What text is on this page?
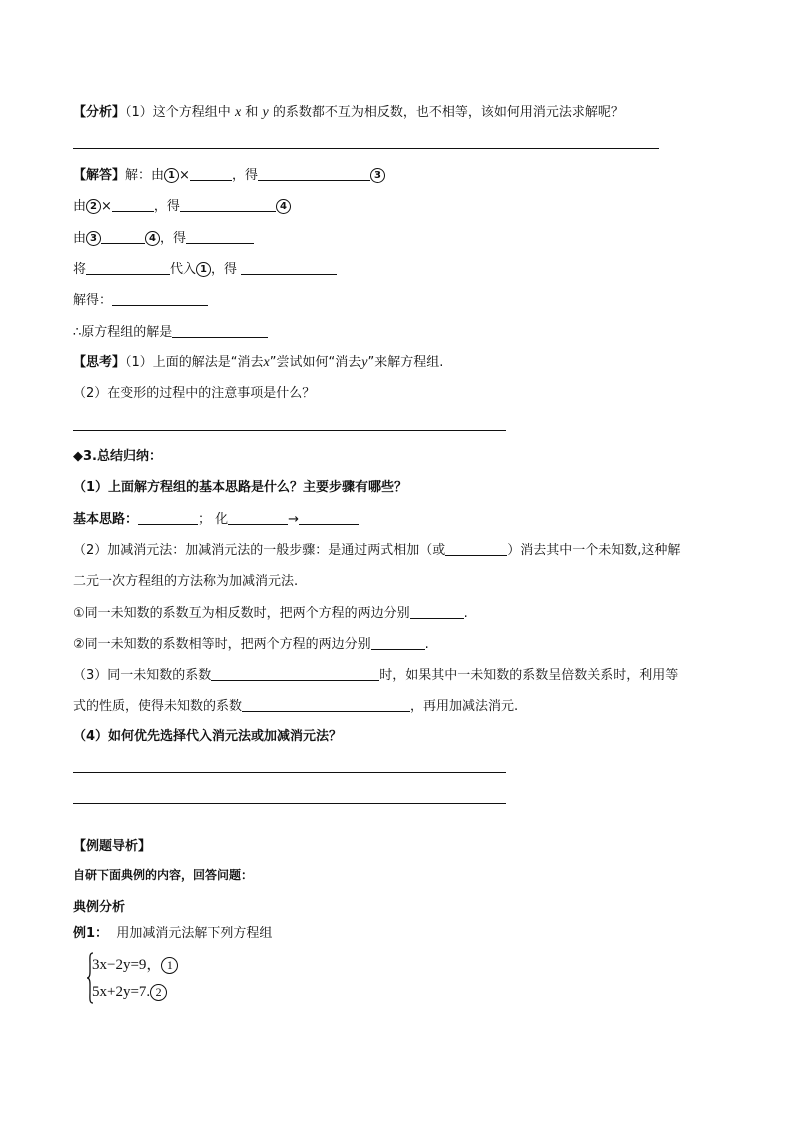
【分析】（1）这个方程组中 x 和 y 的系数都不互为相反数，也不相等，该如何用消元法求解呢？
【解答】解：由 1 ×	，得	3
由 2 ×	，得	4
由 3	4 ，得
将	代入 1 ，得
解得：
∴原方程组的解是
【思考】（1）上面的解法是“消去x”尝试如何“消去y”来解方程组.
（2）在变形的过程中的注意事项是什么？
◆3.总结归纳：
（1）上面解方程组的基本思路是什么？主要步骤有哪些？
基本思路：	； 化	→
（2）加减消元法：加减消元法的一般步骤：是通过两式相加（或	）消去其中一个未知数,这种解
二元一次方程组的方法称为加减消元法.
①同一未知数的系数互为相反数时，把两个方程的两边分别	.
②同一未知数的系数相等时，把两个方程的两边分别	.
（3）同一未知数的系数	时，如果其中一未知数的系数呈倍数关系时，利用等
式的性质，使得未知数的系数	，再用加减法消元.
（4）如何优先选择代入消元法或加减消元法？
【例题导析】
自研下面典例的内容，回答问题：
典例分析
例1： 用加减消元法解下列方程组
3x−2y=9， 1
5x+2y=7. 2
